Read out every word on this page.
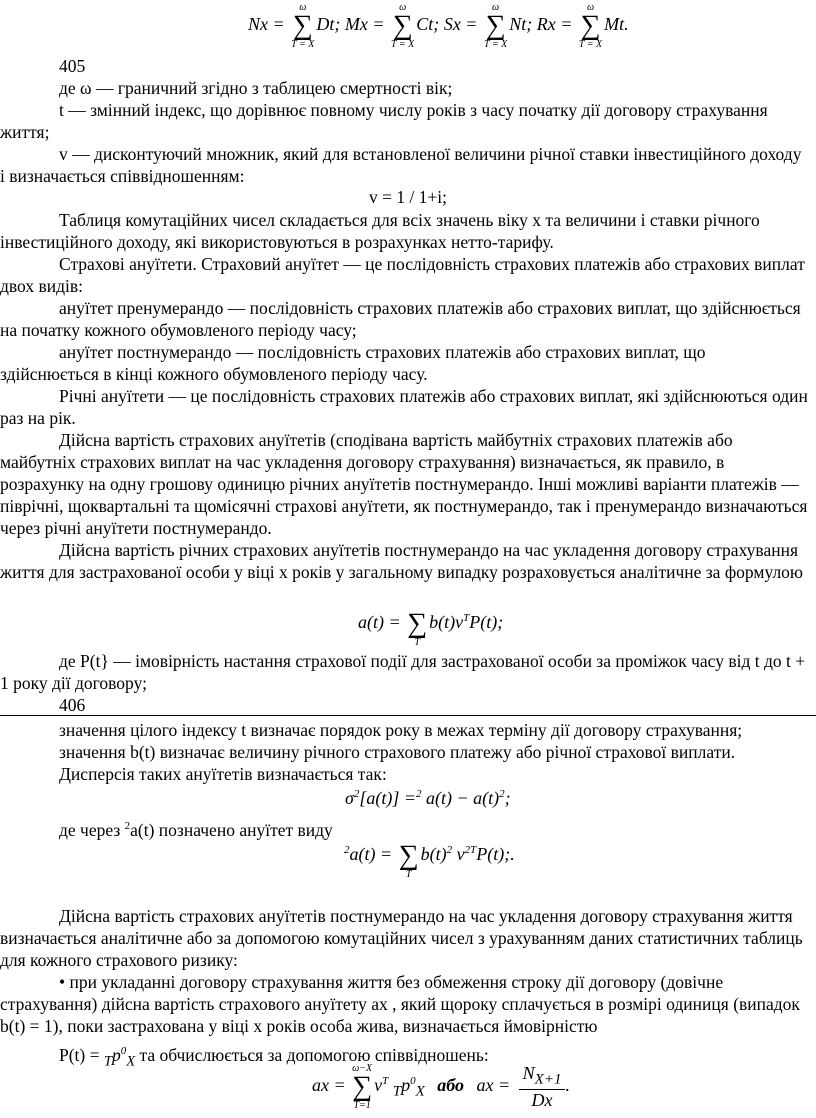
Nx =
ω
∑
T = X
Dt; Mx =
ω
∑
T = X
Ct; Sx =
ω
∑
T = X
Nt; Rx =
ω
∑
T = X
Mt.

405

де ω — граничний згідно з таблицею смертності вік;

t — змінний індекс, що дорівнює повному числу років з часу початку дії договору страхування життя;

v — дисконтуючий множник, який для встановленої величини річної ставки інвестиційного доходу і визначається співвідношенням:

v = 1 / 1+i;

Таблиця комутаційних чисел складається для всіх значень віку х та величини і ставки річного інвестиційного доходу, які використовуються в розрахунках нетто-тарифу.

Страхові ануїтети. Страховий ануїтет — це послідовність страхових платежів або страхових виплат двох видів:

ануїтет пренумерандо — послідовність страхових платежів або страхових виплат, що здійснюється на початку кожного обумовленого періоду часу;

ануїтет постнумерандо — послідовність страхових платежів або страхових виплат, що здійснюється в кінці кожного обумовленого періоду часу.

Річні ануїтети — це послідовність страхових платежів або страхових виплат, які здійснюються один раз на рік.

Дійсна вартість страхових ануїтетів (сподівана вартість майбутніх страхових платежів або майбутніх страхових виплат на час укладення договору страхування) визначається, як правило, в розрахунку на одну грошову одиницю річних ануїтетів постнумерандо. Інші можливі варіанти платежів — піврічні, щоквартальні та щомісячні страхові ануїтети, як постнумерандо, так і пренумерандо визначаються через річні ануїтети постнумерандо.

Дійсна вартість річних страхових ануїтетів постнумерандо на час укладення договору страхування життя для застрахованої особи у віці х років у загальному випадку розраховується аналітичне за формулою

a(t) =
∑
T
$b(t)v^TP(t)$;

де P(t} — імовірність настання страхової події для застрахованої особи за проміжок часу від t до t + 1 року дії договору;

406

значення цілого індексу t визначає порядок року в межах терміну дії договору страхування;

значення b(t) визначає величину річного страхового платежу або річної страхової виплати.

Дисперсія таких ануїтетів визначається так:

$\sigma^2[a(t)] =^2$ $a(t) - a(t)^2$;

де через $^2$a(t) позначено ануїтет виду

$^2$a(t) =
∑
T
$b(t)^2$ $v^{2T}P(t)$;.

Дійсна вартість страхових ануїтетів постнумерандо на час укладення договору страхування життя визначається аналітичне або за допомогою комутаційних чисел з урахуванням даних статистичних таблиць для кожного страхового ризику:

• при укладанні договору страхування життя без обмеження строку дії договору (довічне страхування) дійсна вартість страхового ануїтету ах , який щороку сплачується в розмірі одиниця (випадок b(t) = 1), поки застрахована у віці х років особа жива, визначається ймовірністю

$P(t) = _Tp^0_X$ та обчислюється за допомогою співвідношень:

ax =
ω−X
∑
T=1
$v^T$ $_Tp^0_X$ або ax = $\frac{N_{X+1}}{Dx}$ .
